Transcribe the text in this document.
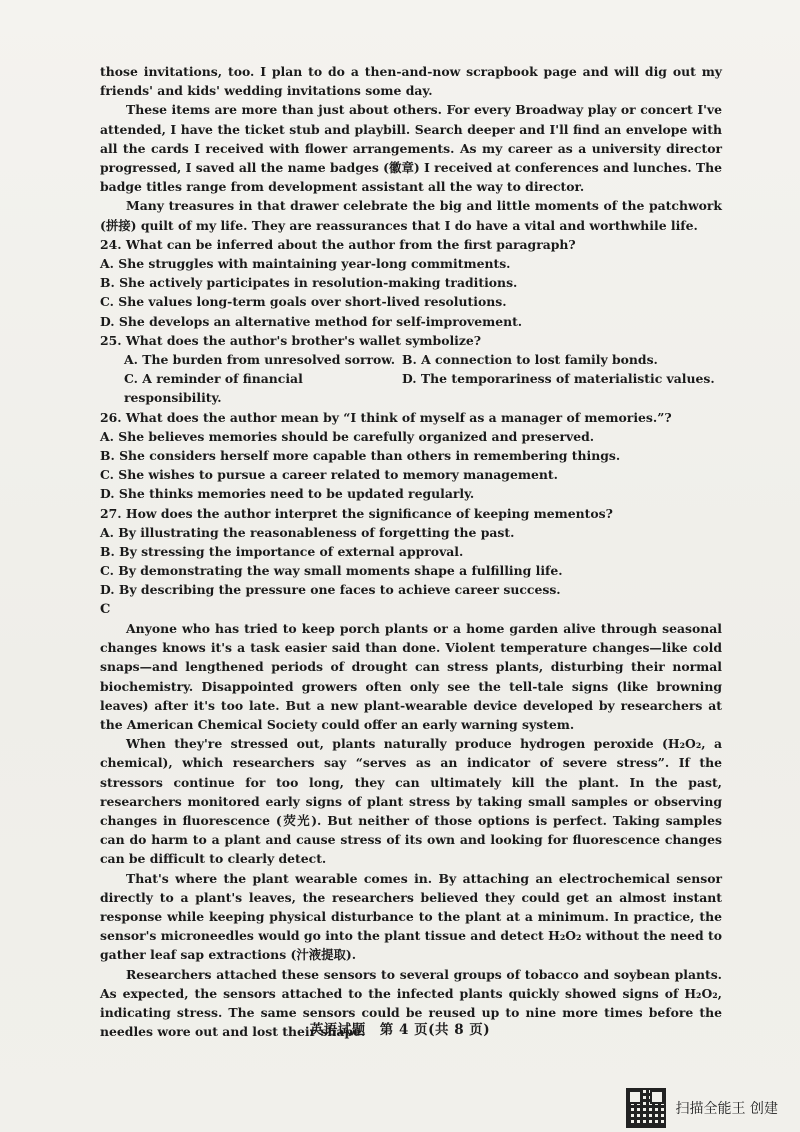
those invitations, too. I plan to do a then-and-now scrapbook page and will dig out my friends' and kids' wedding invitations some day.

These items are more than just about others. For every Broadway play or concert I've attended, I have the ticket stub and playbill. Search deeper and I'll find an envelope with all the cards I received with flower arrangements. As my career as a university director progressed, I saved all the name badges (徽章) I received at conferences and lunches. The badge titles range from development assistant all the way to director.

Many treasures in that drawer celebrate the big and little moments of the patchwork (拼接) quilt of my life. They are reassurances that I do have a vital and worthwhile life.

24. What can be inferred about the author from the first paragraph?

A. She struggles with maintaining year-long commitments.

B. She actively participates in resolution-making traditions.

C. She values long-term goals over short-lived resolutions.

D. She develops an alternative method for self-improvement.

25. What does the author's brother's wallet symbolize?

A. The burden from unresolved sorrow. B. A connection to lost family bonds.
C. A reminder of financial responsibility.
D. The temporariness of materialistic values.

26. What does the author mean by “I think of myself as a manager of memories.”?

A. She believes memories should be carefully organized and preserved.

B. She considers herself more capable than others in remembering things.

C. She wishes to pursue a career related to memory management.

D. She thinks memories need to be updated regularly.

27. How does the author interpret the significance of keeping mementos?

A. By illustrating the reasonableness of forgetting the past.

B. By stressing the importance of external approval.

C. By demonstrating the way small moments shape a fulfilling life.

D. By describing the pressure one faces to achieve career success.

C

Anyone who has tried to keep porch plants or a home garden alive through seasonal changes knows it's a task easier said than done. Violent temperature changes—like cold snaps—and lengthened periods of drought can stress plants, disturbing their normal biochemistry. Disappointed growers often only see the tell-tale signs (like browning leaves) after it's too late. But a new plant-wearable device developed by researchers at the American Chemical Society could offer an early warning system.

When they're stressed out, plants naturally produce hydrogen peroxide (H₂O₂, a chemical), which researchers say “serves as an indicator of severe stress”. If the stressors continue for too long, they can ultimately kill the plant. In the past, researchers monitored early signs of plant stress by taking small samples or observing changes in fluorescence (荧光). But neither of those options is perfect. Taking samples can do harm to a plant and cause stress of its own and looking for fluorescence changes can be difficult to clearly detect.

That's where the plant wearable comes in. By attaching an electrochemical sensor directly to a plant's leaves, the researchers believed they could get an almost instant response while keeping physical disturbance to the plant at a minimum. In practice, the sensor's microneedles would go into the plant tissue and detect H₂O₂ without the need to gather leaf sap extractions (汁液提取).

Researchers attached these sensors to several groups of tobacco and soybean plants. As expected, the sensors attached to the infected plants quickly showed signs of H₂O₂, indicating stress. The same sensors could be reused up to nine more times before the needles wore out and lost their shape.

英语试题　第 4 页(共 8 页)
扫描全能王 创建
